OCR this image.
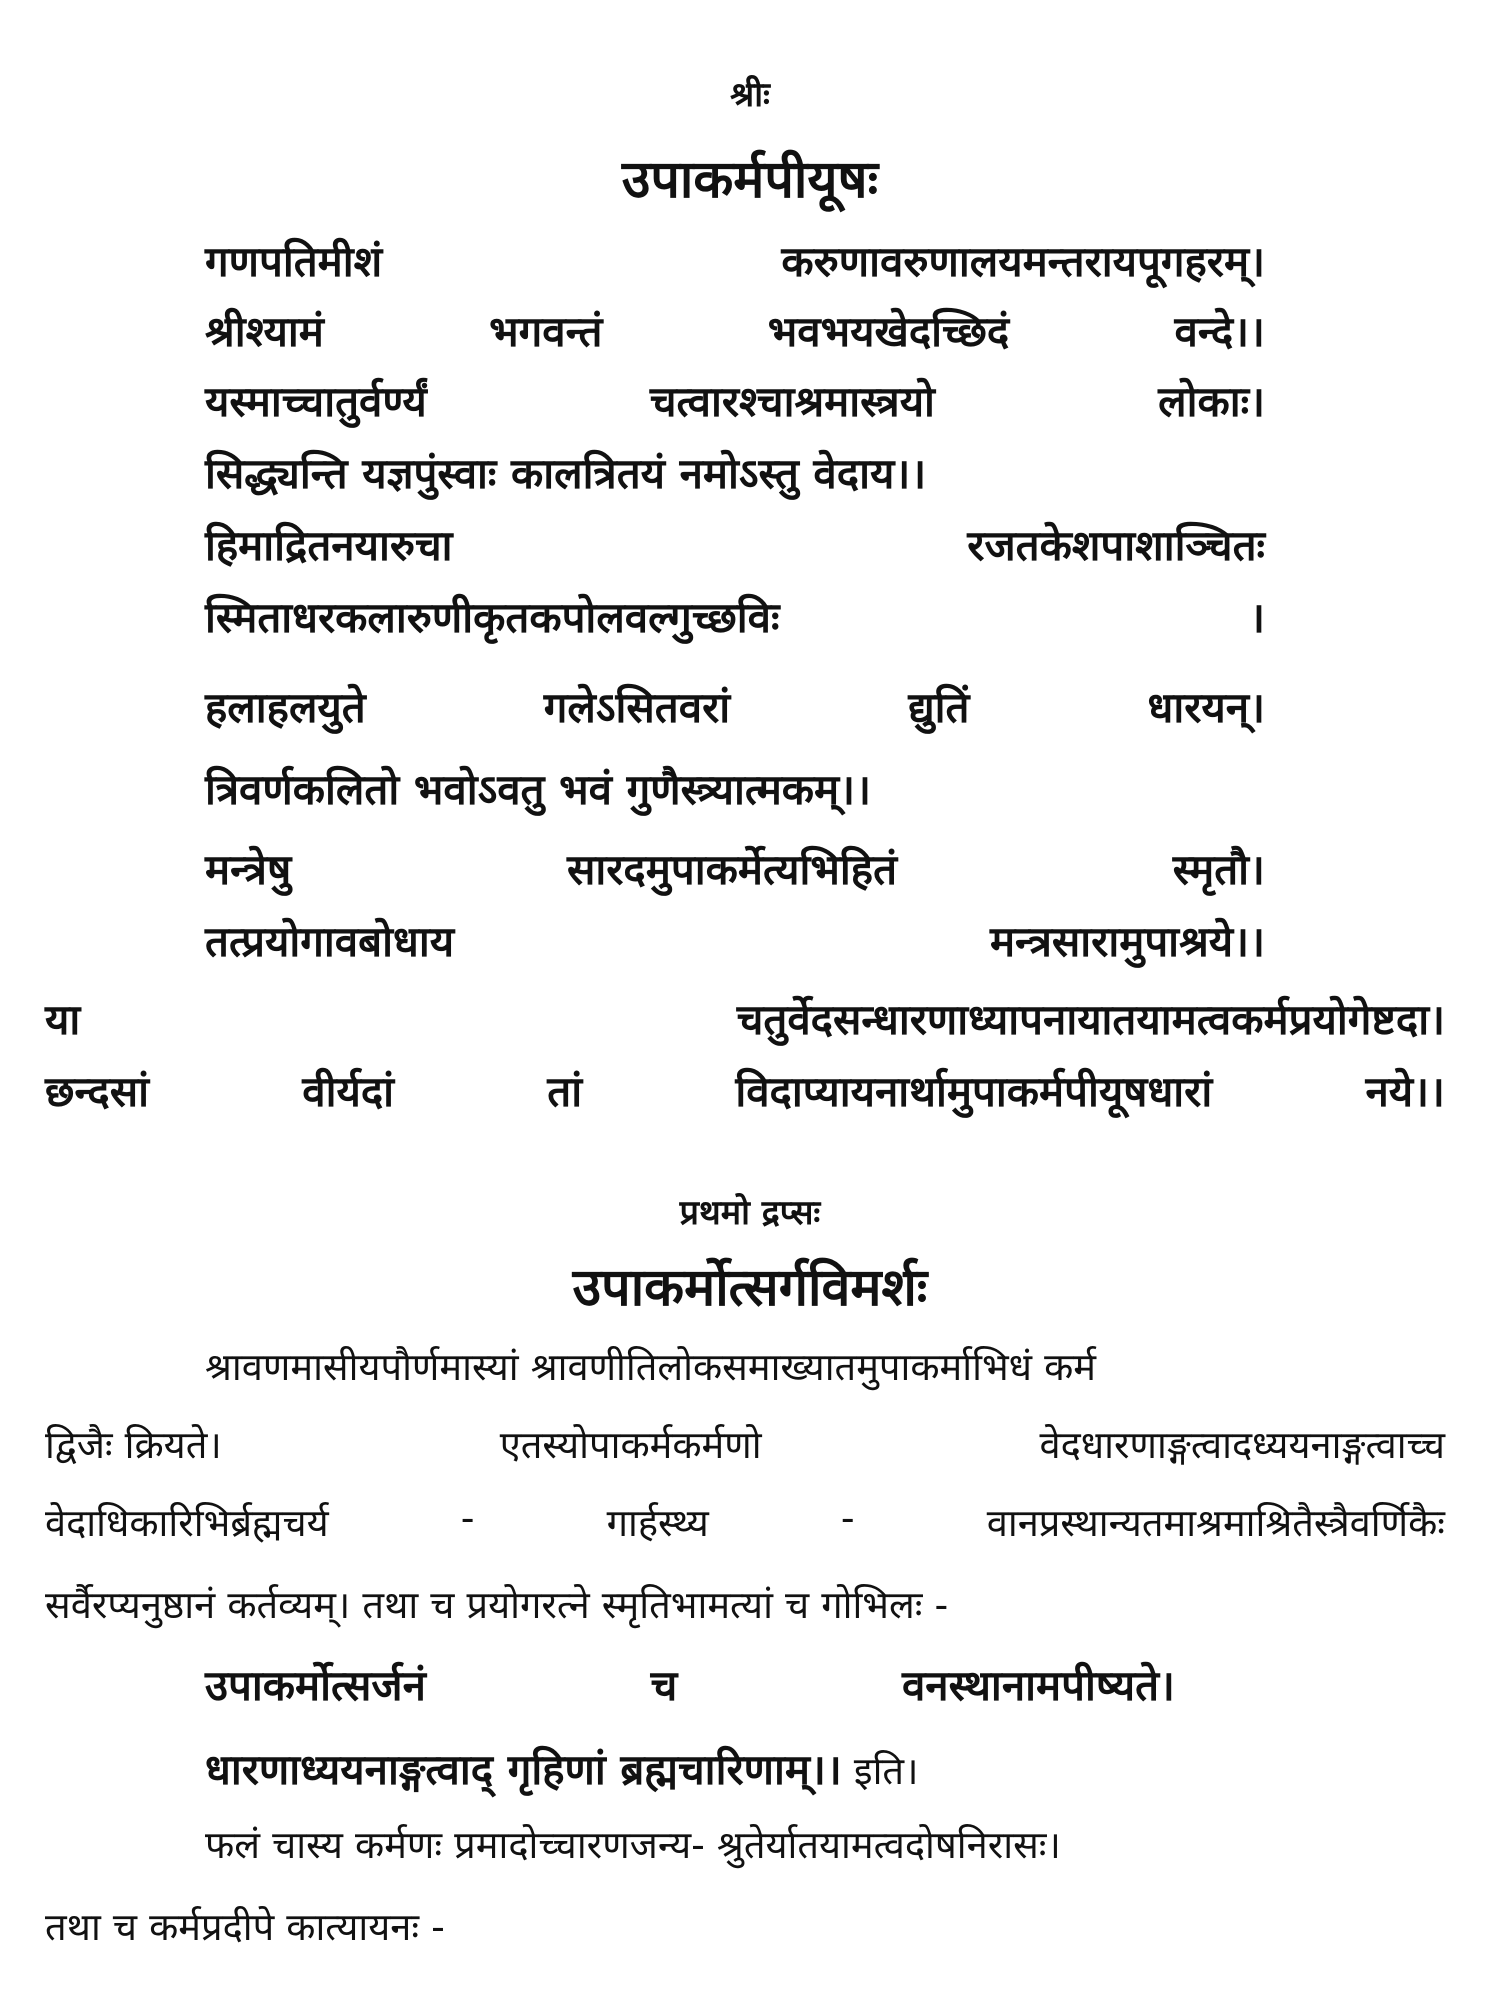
श्रीः
उपाकर्मपीयूषः
गणपतिमीशं	करुणावरुणालयमन्तरायपूगहरम्।
श्रीश्यामं	भगवन्तं	भवभयखेदच्छिदं	वन्दे।।
यस्माच्चातुर्वर्ण्यं	चत्वारश्चाश्रमास्त्रयो	लोकाः।
सिद्ध्यन्ति यज्ञपुंस्वाः कालत्रितयं नमोऽस्तु वेदाय।।
हिमाद्रितनयारुचा	रजतकेशपाशाञ्चितः
स्मिताधरकलारुणीकृतकपोलवल्गुच्छविः	।
हलाहलयुते	गलेऽसितवरां	द्युतिं	धारयन्।
त्रिवर्णकलितो भवोऽवतु भवं गुणैस्त्र्यात्मकम्।।
मन्त्रेषु	सारदमुपाकर्मेत्यभिहितं	स्मृतौ।
तत्प्रयोगावबोधाय	मन्त्रसारामुपाश्रये।।
या	चतुर्वेदसन्धारणाध्यापनायातयामत्वकर्मप्रयोगेष्टदा।
छन्दसां	वीर्यदां	तां	विदाप्यायनार्थामुपाकर्मपीयूषधारां	नये।।
प्रथमो द्रप्सः
उपाकर्मोत्सर्गविमर्शः
श्रावणमासीयपौर्णमास्यां श्रावणीतिलोकसमाख्यातमुपाकर्माभिधं कर्म
द्विजैः क्रियते।	एतस्योपाकर्मकर्मणो	वेदधारणाङ्गत्वादध्ययनाङ्गत्वाच्च
वेदाधिकारिभिर्ब्रह्मचर्य	-	गार्हस्थ्य	-	वानप्रस्थान्यतमाश्रमाश्रितैस्त्रैवर्णिकैः
सर्वैरप्यनुष्ठानं कर्तव्यम्। तथा च प्रयोगरत्ने स्मृतिभामत्यां च गोभिलः -
उपाकर्मोत्सर्जनं	च	वनस्थानामपीष्यते।
धारणाध्ययनाङ्गत्वाद् गृहिणां ब्रह्मचारिणाम्।। इति।
फलं चास्य कर्मणः प्रमादोच्चारणजन्य- श्रुतेर्यातयामत्वदोषनिरासः।
तथा च कर्मप्रदीपे कात्यायनः -
